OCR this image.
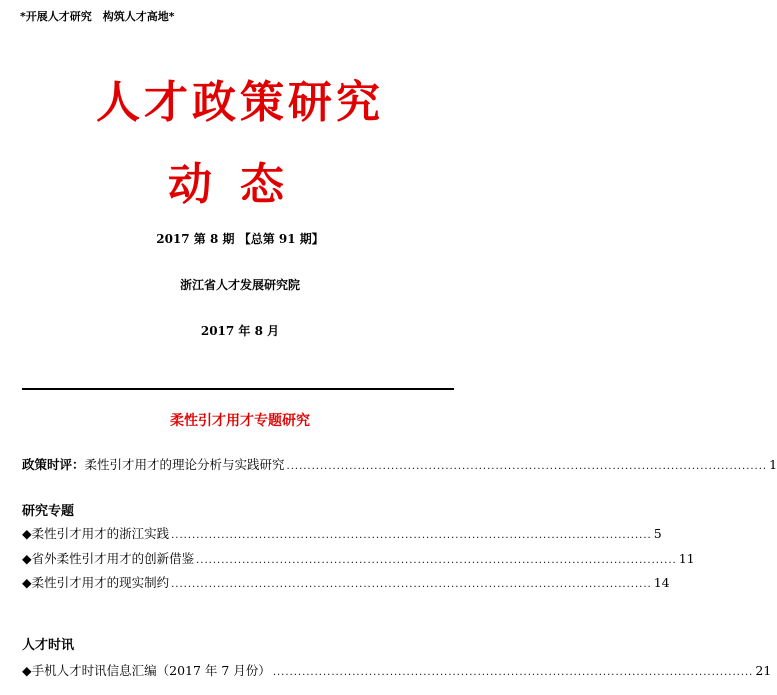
*开展人才研究　构筑人才高地*
人才政策研究
动态
2017 第 8 期 【总第 91 期】
浙江省人才发展研究院
2017 年 8 月
柔性引才用才专题研究
政策时评：柔性引才用才的理论分析与实践研究 ................................................................................................................... 1
研究专题
◆柔性引才用才的浙江实践 ................................................................................................................... 5
◆省外柔性引才用才的创新借鉴 ................................................................................................................... 11
◆柔性引才用才的现实制约 ................................................................................................................... 14
人才时讯
◆手机人才时讯信息汇编（2017 年 7 月份） ................................................................................................................... 21
